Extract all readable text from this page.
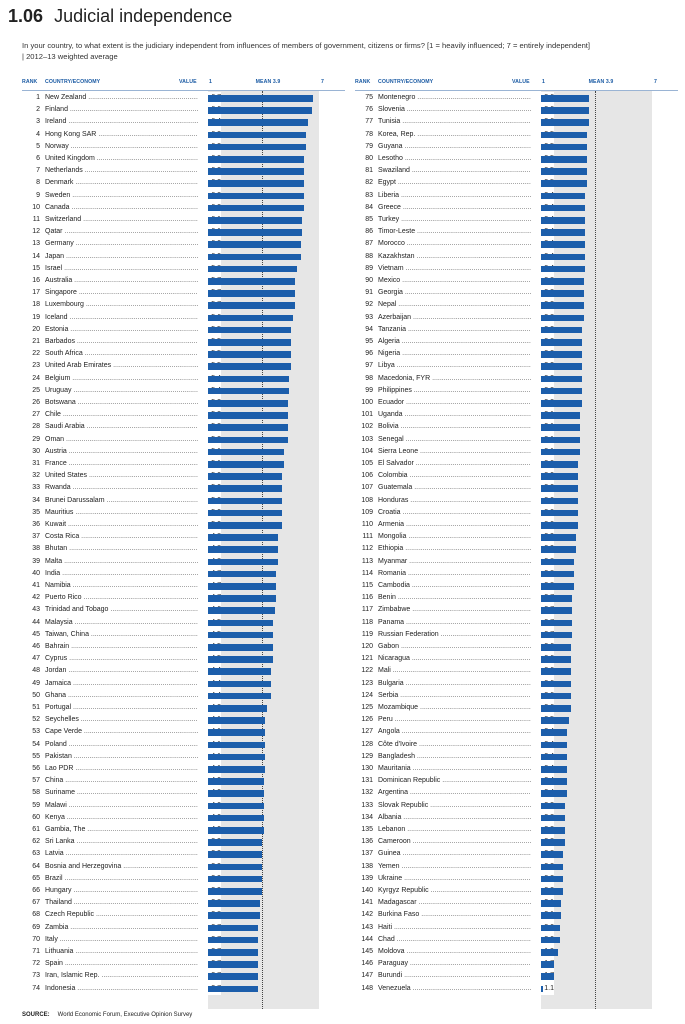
1.06 Judicial independence
In your country, to what extent is the judiciary independent from influences of members of government, citizens or firms? [1 = heavily influenced; 7 = entirely independent]
| 2012–13 weighted average
RANK COUNTRY/ECONOMY	VALUE 1	MEAN 3.9	7
1 New Zealand .....
2 Finland .....
3 Ireland .....
4 Hong Kong SAR .....
5 Norway .....
6 United Kingdom .....
7 Netherlands .....
8 Denmark .....
9 Sweden .....
10 Canada .....
11 Switzerland .....
12 Qatar .....
13 Germany .....
14 Japan .....
15 Israel .....
16 Australia .....
17 Singapore .....
18 Luxembourg .....
19 Iceland .....
20 Estonia .....
21 Barbados .....
22 South Africa .....
23 United Arab Emirates .....
24 Belgium .....
25 Uruguay .....
26 Botswana .....
27 Chile .....
28 Saudi Arabia .....
29 Oman .....
30 Austria .....
31 France .....
32 United States .....
33 Rwanda .....
34 Brunei Darussalam .....
35 Mauritius .....
36 Kuwait .....
37 Costa Rica .....
38 Bhutan .....
39 Malta .....
40 India .....
41 Namibia .....
42 Puerto Rico .....
43 Trinidad and Tobago .....
44 Malaysia .....
45 Taiwan, China .....
46 Bahrain .....
47 Cyprus .....
48 Jordan .....
49 Jamaica .....
50 Ghana .....
51 Portugal .....
52 Seychelles .....
53 Cape Verde .....
54 Poland .....
55 Pakistan .....
56 Lao PDR .....
57 China .....
58 Suriname .....
59 Malawi .....
60 Kenya .....
61 Gambia, The .....
62 Sri Lanka .....
63 Latvia .....
64 Bosnia and Herzegovina .....
65 Brazil .....
66 Hungary .....
67 Thailand .....
68 Czech Republic .....
69 Zambia .....
70 Italy .....
71 Lithuania .....
72 Spain .....
73 Iran, Islamic Rep. .....
74 Indonesia .....
RANK COUNTRY/ECONOMY	VALUE 1	MEAN 3.9	7
75 Montenegro .....
76 Slovenia .....
77 Tunisia .....
78 Korea, Rep. .....
79 Guyana .....
80 Lesotho .....
81 Swaziland .....
82 Egypt .....
83 Liberia .....
84 Greece .....
85 Turkey .....
86 Timor-Leste .....
87 Morocco .....
88 Kazakhstan .....
89 Vietnam .....
90 Mexico .....
91 Georgia .....
92 Nepal .....
93 Azerbaijan .....
94 Tanzania .....
95 Algeria .....
96 Nigeria .....
97 Libya .....
98 Macedonia, FYR .....
99 Philippines .....
100 Ecuador .....
101 Uganda .....
102 Bolivia .....
103 Senegal .....
104 Sierra Leone .....
105 El Salvador .....
106 Colombia .....
107 Guatemala .....
108 Honduras .....
109 Croatia .....
110 Armenia .....
111 Mongolia .....
112 Ethiopia .....
113 Myanmar .....
114 Romania .....
115 Cambodia .....
116 Benin .....
117 Zimbabwe .....
118 Panama .....
119 Russian Federation .....
120 Gabon .....
121 Nicaragua .....
122 Mali .....
123 Bulgaria .....
124 Serbia .....
125 Mozambique .....
126 Peru .....
127 Angola .....
128 Côte d'Ivoire .....
129 Bangladesh .....
130 Mauritania .....
131 Dominican Republic .....
132 Argentina .....
133 Slovak Republic .....
134 Albania .....
135 Lebanon .....
136 Cameroon .....
137 Guinea .....
138 Yemen .....
139 Ukraine .....
140 Kyrgyz Republic .....
141 Madagascar .....
142 Burkina Faso .....
143 Haiti .....
144 Chad .....
145 Moldova .....
146 Paraguay .....
147 Burundi .....
148 Venezuela .....	1.1
SOURCE: World Economic Forum, Executive Opinion Survey
